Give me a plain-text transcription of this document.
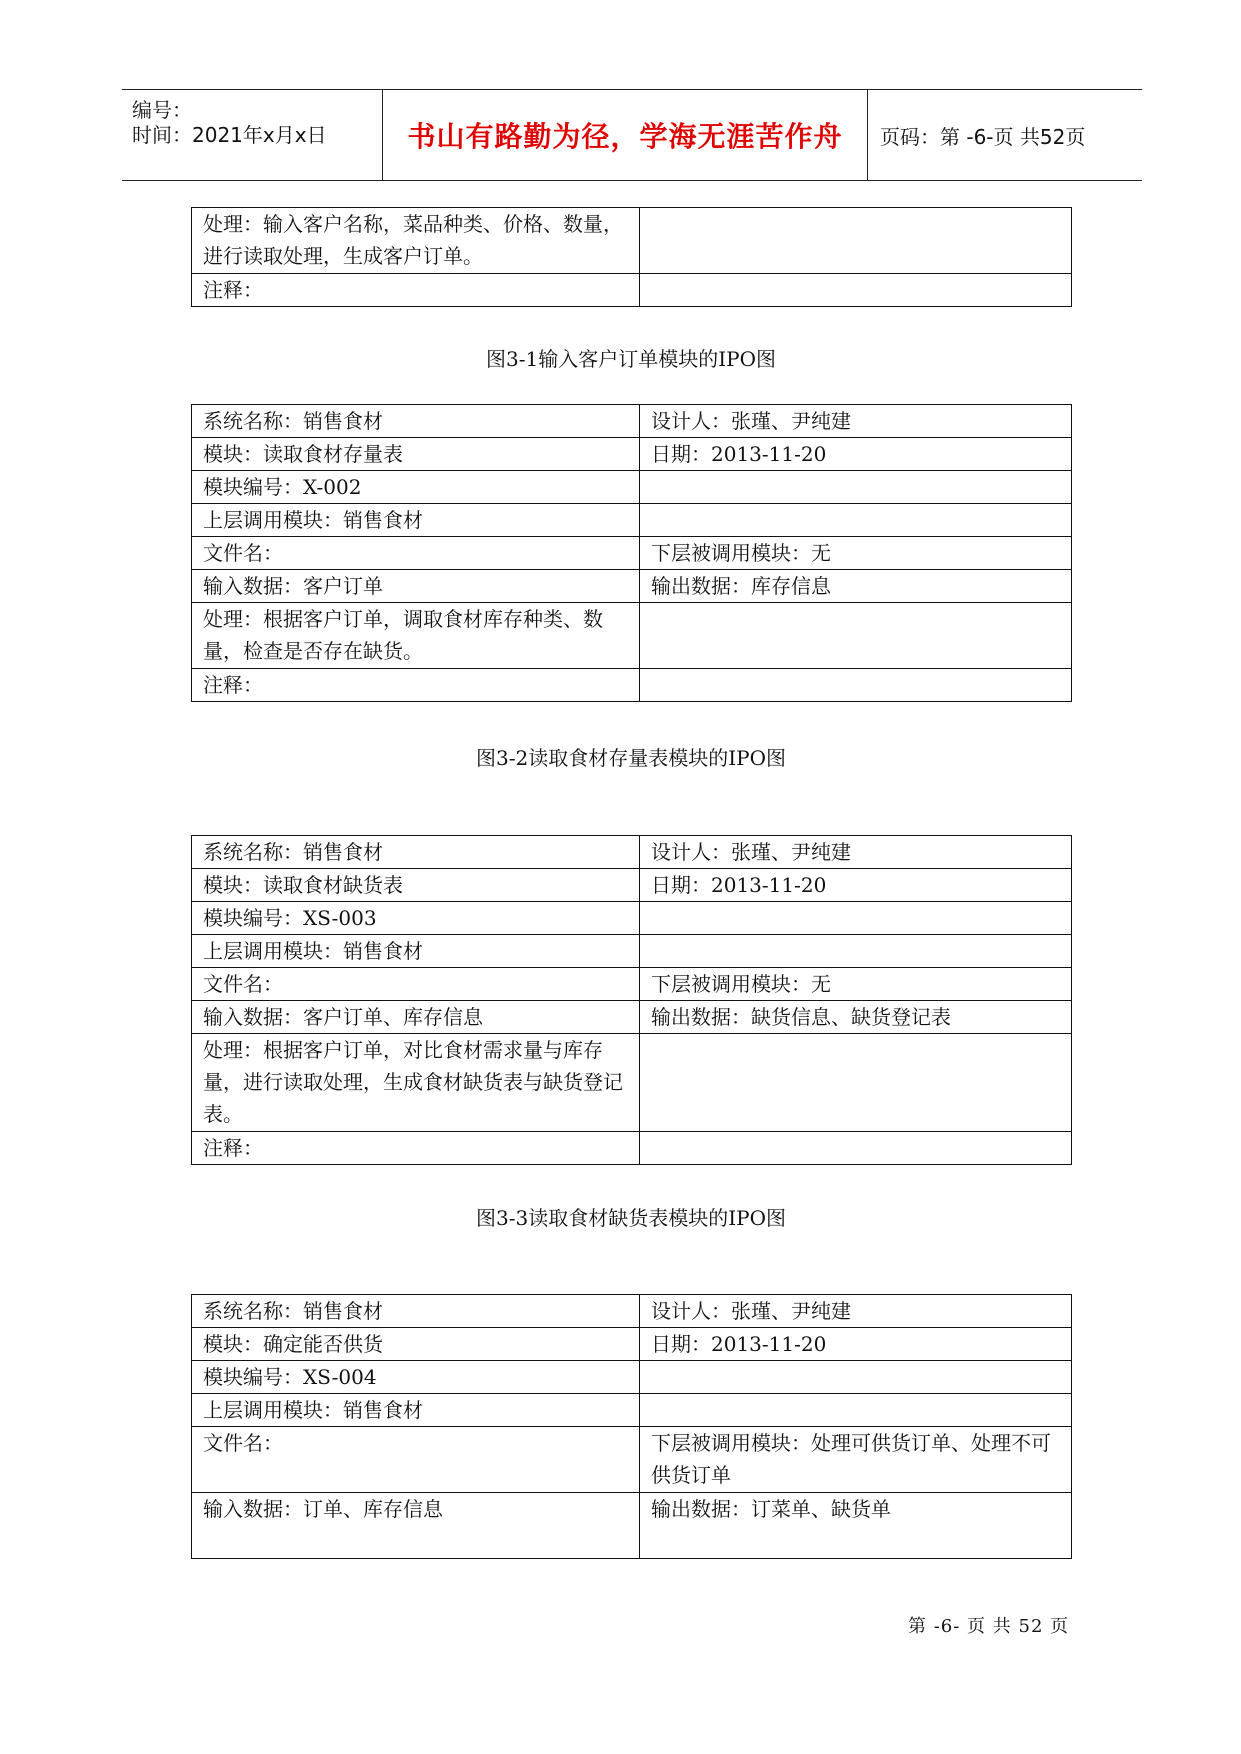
编号：
时间：2021年x月x日	书山有路勤为径，学海无涯苦作舟 页码：第 -6-页 共52页
处理：输入客户名称，菜品种类、价格、数量，进行读取处理，生成客户订单。	
注释：	
图3-1输入客户订单模块的IPO图
系统名称：销售食材	设计人：张瑾、尹纯建
模块：读取食材存量表	日期：2013-11-20
模块编号：X-002	
上层调用模块：销售食材	
文件名：	下层被调用模块：无
输入数据：客户订单	输出数据：库存信息
处理：根据客户订单，调取食材库存种类、数量，检查是否存在缺货。	
注释：	
图3-2读取食材存量表模块的IPO图
系统名称：销售食材	设计人：张瑾、尹纯建
模块：读取食材缺货表	日期：2013-11-20
模块编号：XS-003	
上层调用模块：销售食材	
文件名：	下层被调用模块：无
输入数据：客户订单、库存信息	输出数据：缺货信息、缺货登记表
处理：根据客户订单，对比食材需求量与库存量，进行读取处理，生成食材缺货表与缺货登记表。	
注释：	
图3-3读取食材缺货表模块的IPO图
系统名称：销售食材	设计人：张瑾、尹纯建
模块：确定能否供货	日期：2013-11-20
模块编号：XS-004	
上层调用模块：销售食材	
文件名：	下层被调用模块：处理可供货订单、处理不可供货订单
输入数据：订单、库存信息	输出数据：订菜单、缺货单
第 -6- 页 共 52 页
